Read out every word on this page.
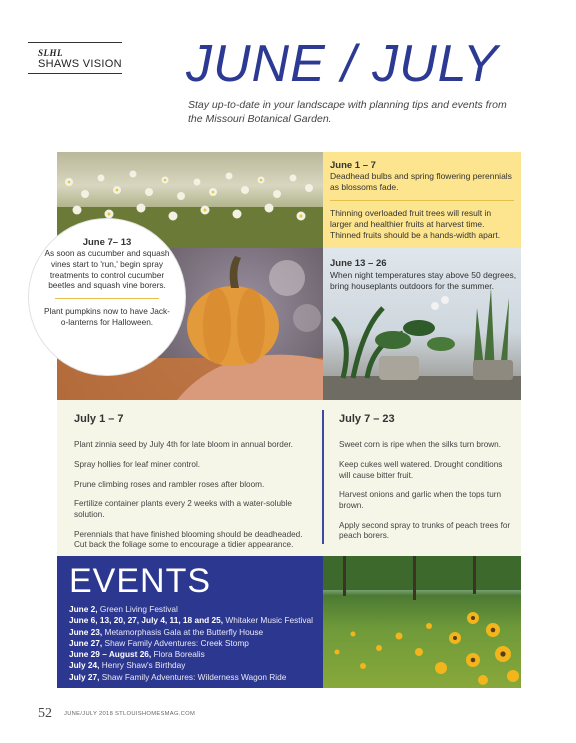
SLHL
SHAWS VISION JUNE / JULY

Stay up-to-date in your landscape with planning tips and events from the Missouri Botanical Garden.

June 1 – 7
Deadhead bulbs and spring flowering perennials as blossoms fade.
Thinning overloaded fruit trees will result in larger and healthier fruits at harvest time. Thinned fruits should be a hands-width apart.
June 13 – 26
When night temperatures stay above 50 degrees, bring houseplants outdoors for the summer.
June 7– 13
As soon as cucumber and squash vines start to 'run,' begin spray treatments to control cucumber beetles and squash vine borers.
Plant pumpkins now to have Jack-o-lanterns for Halloween.
July 1 – 7
Plant zinnia seed by July 4th for late bloom in annual border.
Spray hollies for leaf miner control.
Prune climbing roses and rambler roses after bloom.
Fertilize container plants every 2 weeks with a water-soluble solution.
Perennials that have finished blooming should be deadheaded. Cut back the foliage some to encourage a tidier appearance.
July 7 – 23
Sweet corn is ripe when the silks turn brown.
Keep cukes well watered. Drought conditions will cause bitter fruit.
Harvest onions and garlic when the tops turn brown.
Apply second spray to trunks of peach trees for peach borers.
EVENTS
June 2, Green Living Festival
June 6, 13, 20, 27, July 4, 11, 18 and 25, Whitaker Music Festival
June 23, Metamorphasis Gala at the Butterfly House
June 27, Shaw Family Adventures: Creek Stomp
June 29 – August 26, Flora Borealis
July 24, Henry Shaw's Birthday
July 27, Shaw Family Adventures: Wilderness Wagon Ride
52 JUNE/JULY 2018 STLOUISHOMESMAG.COM
